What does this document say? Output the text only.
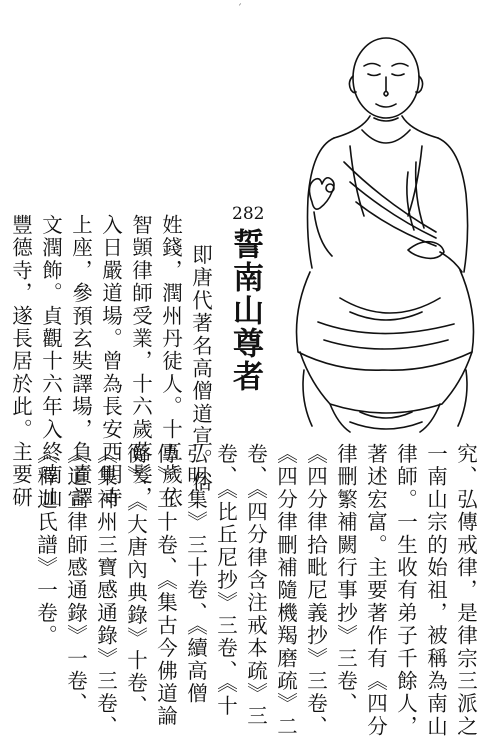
ˊ
282
誓南山尊者
即唐代著名高僧道宣。俗
姓錢，潤州丹徒人。十五歲依
智顗律師受業，十六歲落髮，
入日嚴道場。曾為長安西明寺
上座，參預玄奘譯場，負責譯
文潤飾。貞觀十六年入終南山
豐德寺，遂長居於此。主要研
究、弘傳戒律，是律宗三派之
一南山宗的始祖，被稱為南山
律師。一生收有弟子千餘人，
著述宏富。主要著作有《四分
律刪繁補闕行事抄》三卷、
《四分律拾毗尼義抄》三卷、
《四分律刪補隨機羯磨疏》二
卷、《四分律含注戒本疏》三
卷、《比丘尼抄》三卷、《十
弘明集》三十卷、《續高僧
傳》三十卷、《集古今佛道論
衡》、《大唐內典錄》十卷、
《集神州三寶感通錄》三卷、
《道宣律師感通錄》一卷、
《釋迦氏譜》一卷。
